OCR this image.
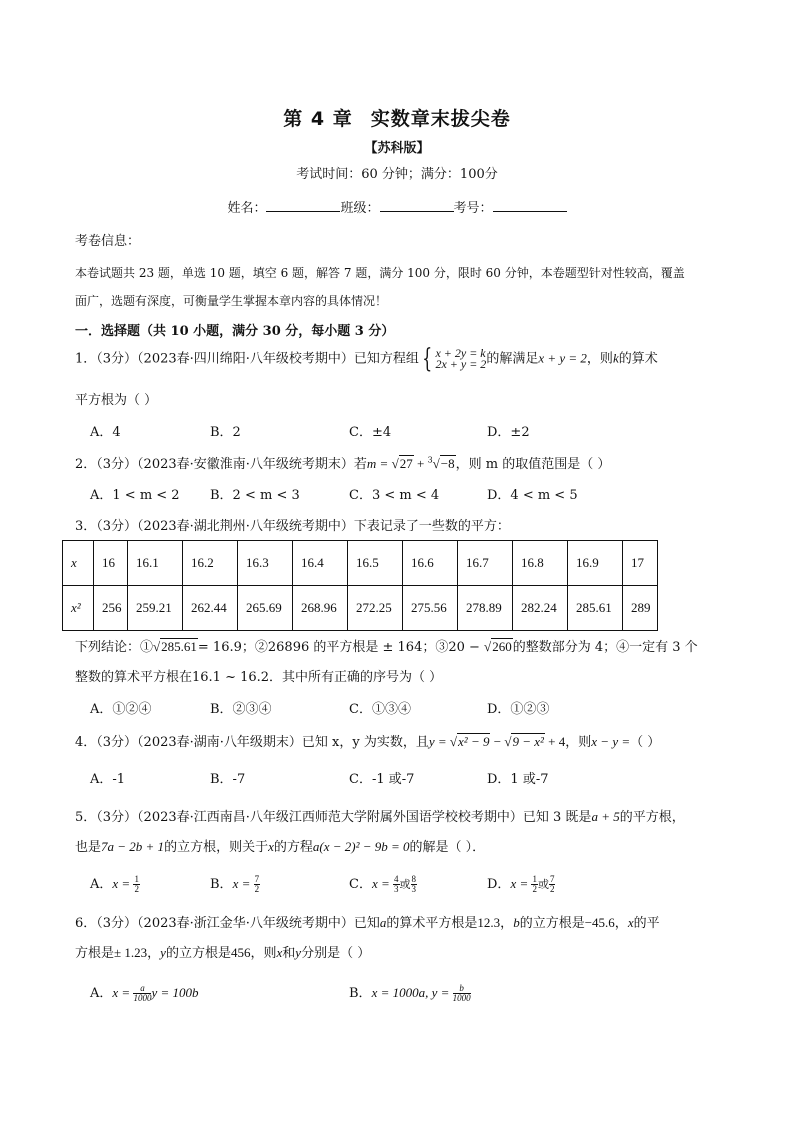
第 4 章 实数章末拔尖卷
【苏科版】
考试时间：60 分钟；满分：100分
姓名：	班级：	考号：
考卷信息：
本卷试题共 23 题，单选 10 题，填空 6 题，解答 7 题，满分 100 分，限时 60 分钟，本卷题型针对性较高，覆盖
面广，选题有深度，可衡量学生掌握本章内容的具体情况！
一．选择题（共 10 小题，满分 30 分，每小题 3 分）
1．（3分）（2023春·四川绵阳·八年级校考期中）已知方程组 { x + 2y = k
2x + y = 2 的解满足x + y = 2，则k的算术
平方根为（ ）
A．4	B．2	C．±4	D．±2
2．（3分）（2023春·安徽淮南·八年级统考期末）若m = √27 + $^3$√−8，则 m 的取值范围是（ ）
A．1 < m < 2 B．2 < m < 3	C．3 < m < 4	D．4 < m < 5
3．（3分）（2023春·湖北荆州·八年级统考期中）下表记录了一些数的平方：
x	16	16.1	16.2	16.3	16.4	16.5	16.6	16.7	16.8	16.9	17
x²	256	259.21	262.44	265.69	268.96	272.25	275.56	278.89	282.24	285.61	289
下列结论：①√285.61= 16.9；②26896 的平方根是 ± 164；③20 − √260的整数部分为 4；④一定有 3 个
整数的算术平方根在16.1 ~ 16.2．其中所有正确的序号为（ ）
A．①②④	B．②③④	C．①③④	D．①②③
4．（3分）（2023春·湖南·八年级期末）已知 x，y 为实数，且y = √x² − 9 − √9 − x² + 4，则x − y =（ ）
A．-1	B．-7	C．-1 或-7	D．1 或-7
5．（3分）（2023春·江西南昌·八年级江西师范大学附属外国语学校校考期中）已知 3 既是a + 5的平方根，
也是7a − 2b + 1的立方根，则关于x的方程a(x − 2)² − 9b = 0的解是（ ）．
A．$x = \frac{1}{2}$	B．$x = \frac{7}{2}$	C．$x = \frac{4}{3}$ 或 $\frac{8}{3}$	D．$x = \frac{1}{2}$ 或 $\frac{7}{2}$
6．（3分）（2023春·浙江金华·八年级统考期中）已知a的算术平方根是12.3，b的立方根是−45.6，x的平
方根是± 1.23，y的立方根是456，则x和y分别是（ ）
A．$x = \frac{a}{1000}$ y = 100b	B．x = 1000a, $y = \frac{b}{1000}$
